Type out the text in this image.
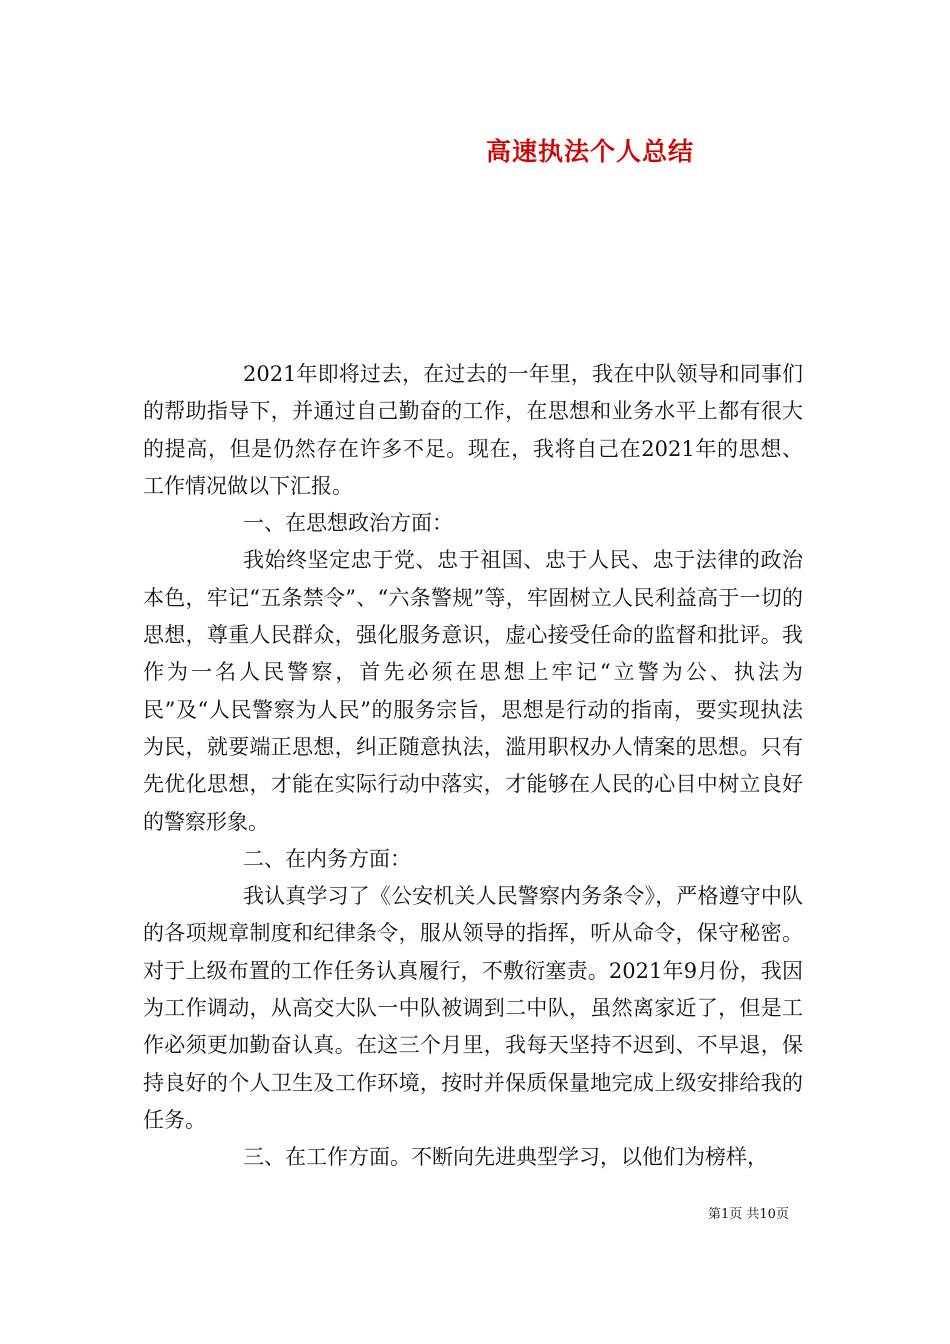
高速执法个人总结

2021年即将过去，在过去的一年里，我在中队领导和同事们的帮助指导下，并通过自己勤奋的工作，在思想和业务水平上都有很大的提高，但是仍然存在许多不足。现在，我将自己在2021年的思想、工作情况做以下汇报。

一、在思想政治方面：

我始终坚定忠于党、忠于祖国、忠于人民、忠于法律的政治本色，牢记“五条禁令”、“六条警规”等，牢固树立人民利益高于一切的思想，尊重人民群众，强化服务意识，虚心接受任命的监督和批评。我作为一名人民警察，首先必须在思想上牢记“立警为公、执法为民”及“人民警察为人民”的服务宗旨，思想是行动的指南，要实现执法为民，就要端正思想，纠正随意执法，滥用职权办人情案的思想。只有先优化思想，才能在实际行动中落实，才能够在人民的心目中树立良好的警察形象。

二、在内务方面：

我认真学习了《公安机关人民警察内务条令》，严格遵守中队的各项规章制度和纪律条令，服从领导的指挥，听从命令，保守秘密。对于上级布置的工作任务认真履行，不敷衍塞责。2021年9月份，我因为工作调动，从高交大队一中队被调到二中队，虽然离家近了，但是工作必须更加勤奋认真。在这三个月里，我每天坚持不迟到、不早退，保持良好的个人卫生及工作环境，按时并保质保量地完成上级安排给我的任务。

三、在工作方面。不断向先进典型学习，以他们为榜样，

第1页 共10页
